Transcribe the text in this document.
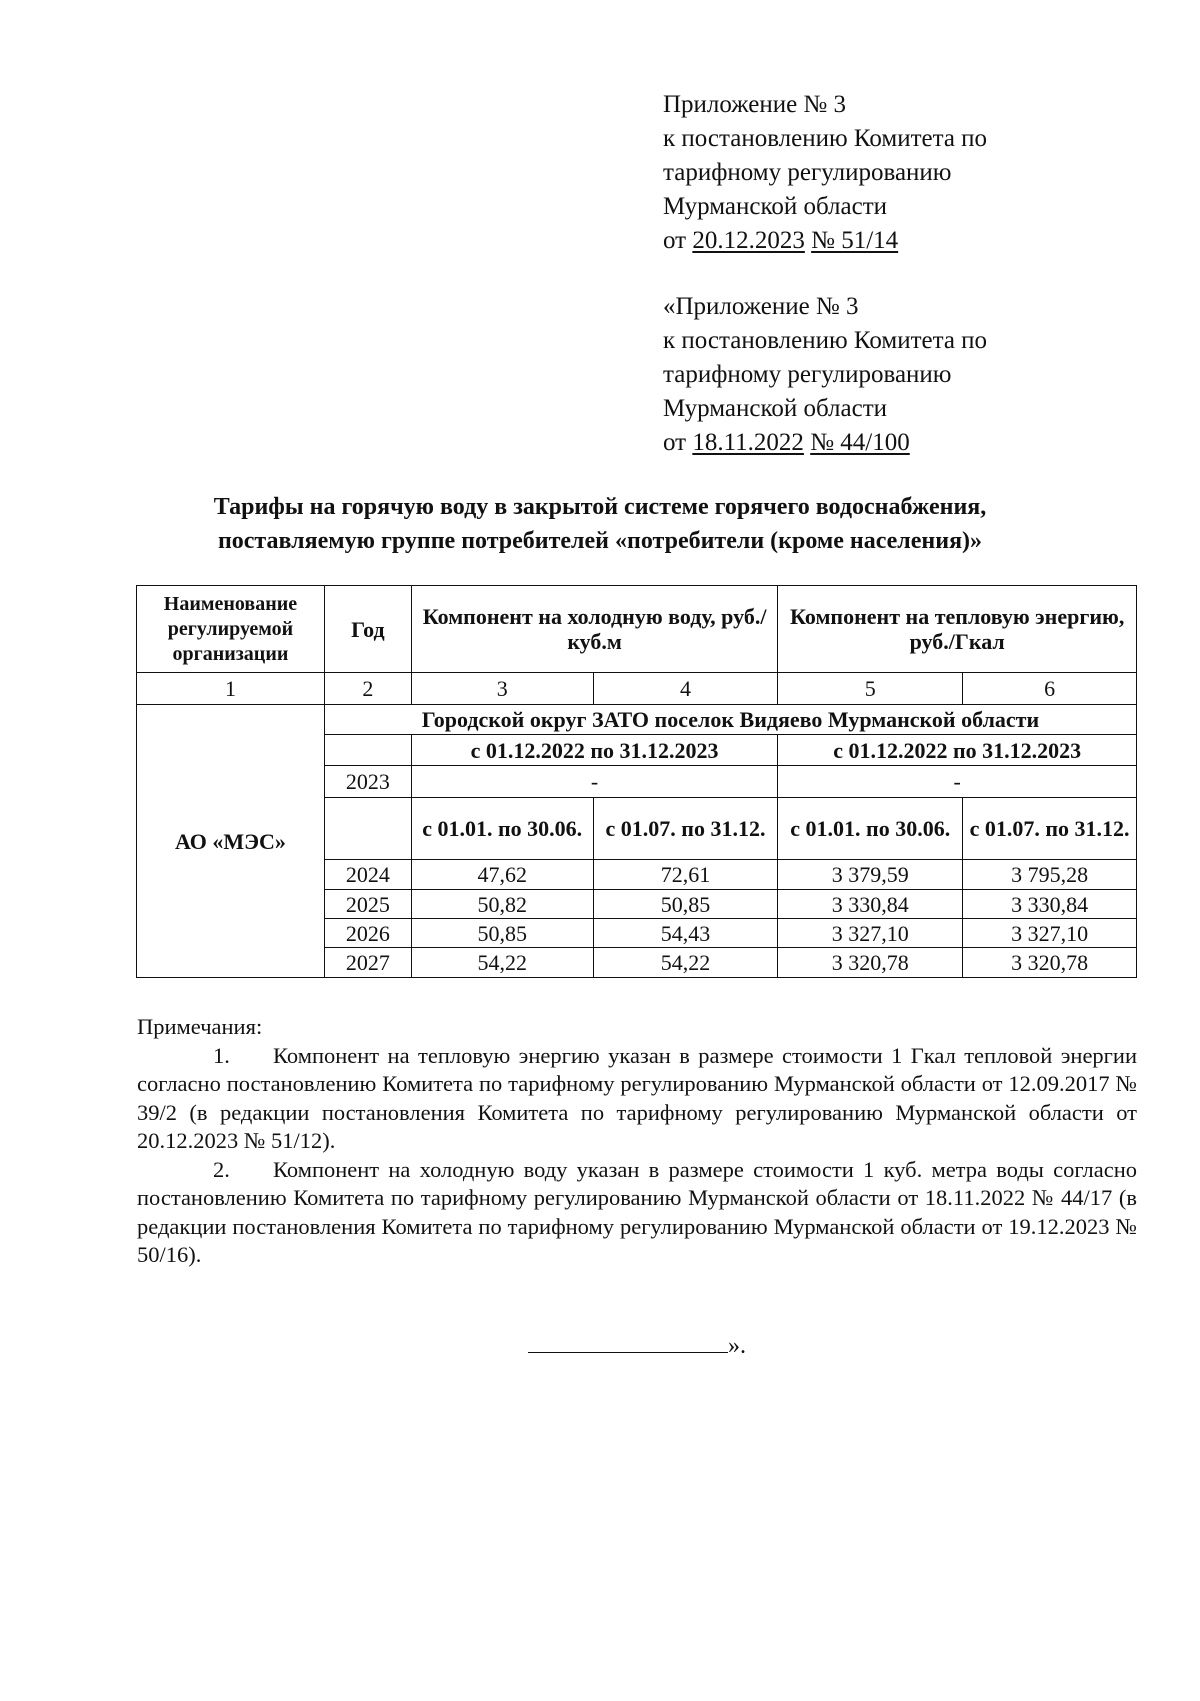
Приложение № 3
к постановлению Комитета по
тарифному регулированию
Мурманской области
от 20.12.2023 № 51/14
«Приложение № 3
к постановлению Комитета по
тарифному регулированию
Мурманской области
от 18.11.2022 № 44/100
Тарифы на горячую воду в закрытой системе горячего водоснабжения,
поставляемую группе потребителей «потребители (кроме населения)»
Наименование регулируемой организации	Год	Компонент на холодную воду, руб./куб.м		Компонент на тепловую энергию, руб./Гкал	
1	2	3	4	5	6
АО «МЭС»	Городской округ ЗАТО поселок Видяево Мурманской области				
		с 01.12.2022 по 31.12.2023		с 01.12.2022 по 31.12.2023	
	2023	-		-	
		с 01.01. по 30.06.	с 01.07. по 31.12.	с 01.01. по 30.06.	с 01.07. по 31.12.
	2024	47,62	72,61	3 379,59	3 795,28
	2025	50,82	50,85	3 330,84	3 330,84
	2026	50,85	54,43	3 327,10	3 327,10
	2027	54,22	54,22	3 320,78	3 320,78

Примечания:

1. Компонент на тепловую энергию указан в размере стоимости 1 Гкал тепловой энергии согласно постановлению Комитета по тарифному регулированию Мурманской области от 12.09.2017 № 39/2 (в редакции постановления Комитета по тарифному регулированию Мурманской области от 20.12.2023 № 51/12).

2. Компонент на холодную воду указан в размере стоимости 1 куб. метра воды согласно постановлению Комитета по тарифному регулированию Мурманской области от 18.11.2022 № 44/17 (в редакции постановления Комитета по тарифному регулированию Мурманской области от 19.12.2023 № 50/16).

».
